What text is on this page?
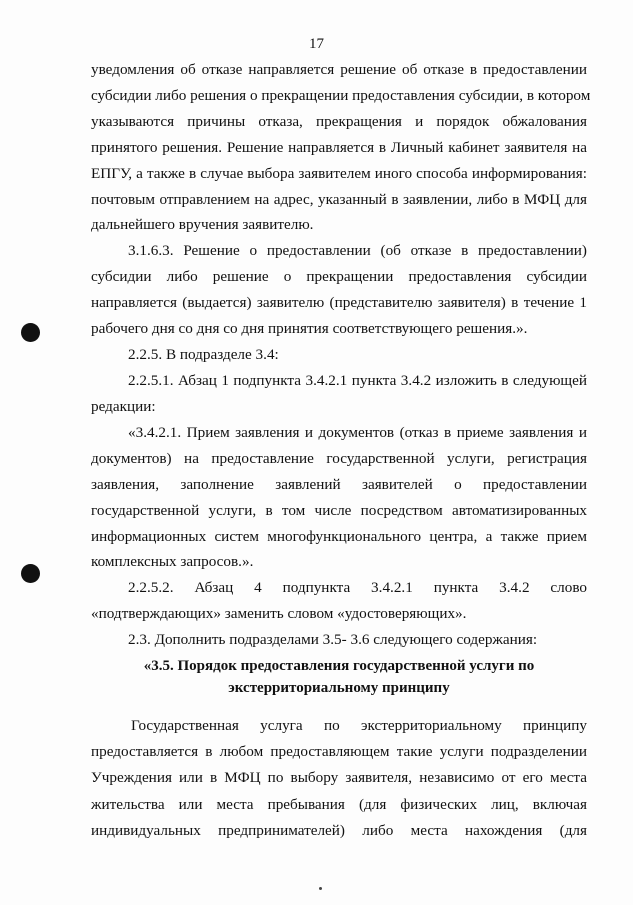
17
уведомления об отказе направляется решение об отказе в предоставлении
субсидии либо решения о прекращении предоставления субсидии, в котором
указываются причины отказа, прекращения и порядок обжалования
принятого решения. Решение направляется в Личный кабинет заявителя на
ЕПГУ, а также в случае выбора заявителем иного способа информирования:
почтовым отправлением на адрес, указанный в заявлении, либо в МФЦ для
дальнейшего вручения заявителю.
3.1.6.3. Решение о предоставлении (об отказе в предоставлении)
субсидии либо решение о прекращении предоставления субсидии
направляется (выдается) заявителю (представителю заявителя) в течение 1
рабочего дня со дня со дня принятия соответствующего решения.».
2.2.5. В подразделе 3.4:
2.2.5.1. Абзац 1 подпункта 3.4.2.1 пункта 3.4.2 изложить в следующей
редакции:
«3.4.2.1. Прием заявления и документов (отказ в приеме заявления и
документов) на предоставление государственной услуги, регистрация
заявления, заполнение заявлений заявителей о предоставлении
государственной услуги, в том числе посредством автоматизированных
информационных систем многофункционального центра, а также прием
комплексных запросов.».
2.2.5.2. Абзац 4 подпункта 3.4.2.1 пункта 3.4.2 слово
«подтверждающих» заменить словом «удостоверяющих».
2.3. Дополнить подразделами 3.5- 3.6 следующего содержания:
«3.5. Порядок предоставления государственной услуги по
экстерриториальному принципу
Государственная услуга по экстерриториальному принципу
предоставляется в любом предоставляющем такие услуги подразделении
Учреждения или в МФЦ по выбору заявителя, независимо от его места
жительства или места пребывания (для физических лиц, включая
индивидуальных предпринимателей) либо места нахождения (для
